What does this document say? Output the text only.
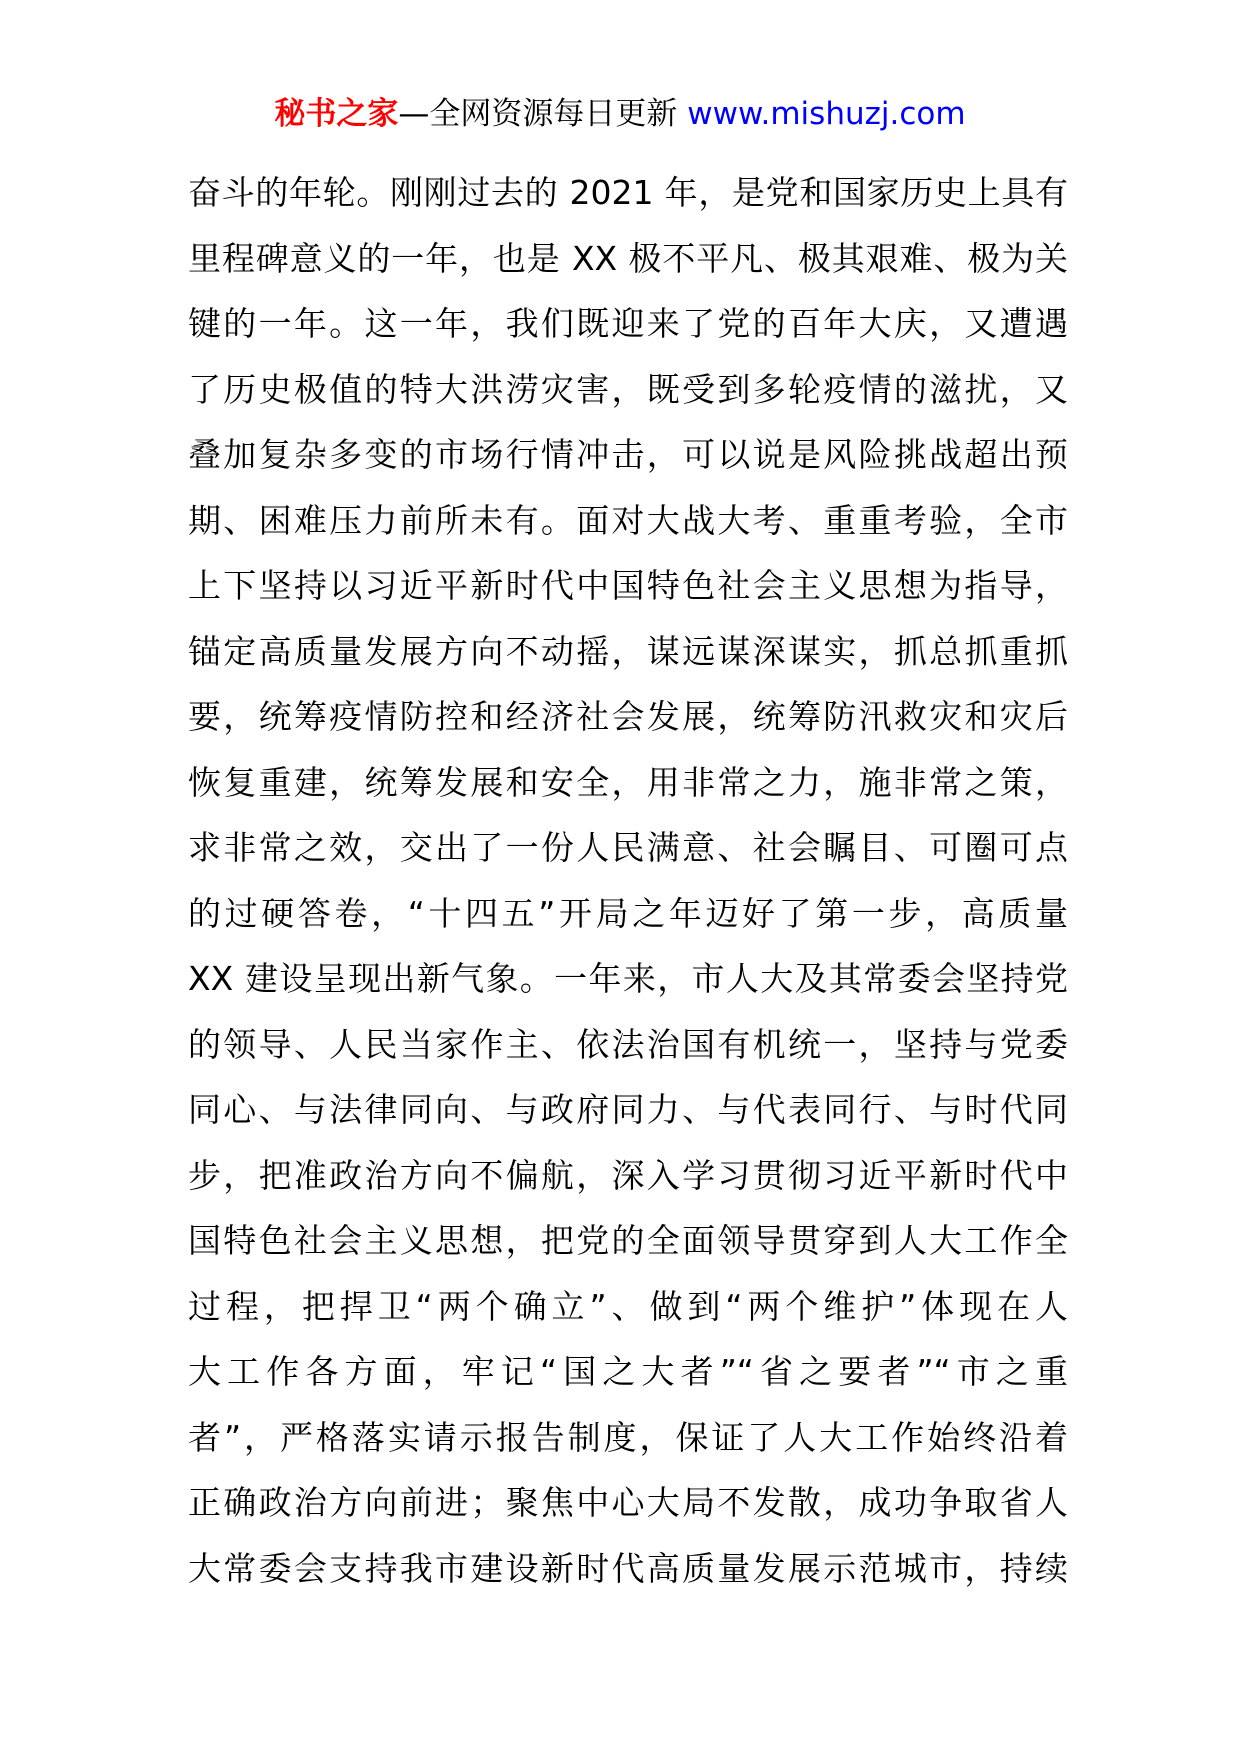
秘书之家—全网资源每日更新 www.mishuzj.com
奋斗的年轮。刚刚过去的 2021 年，是党和国家历史上具有
里程碑意义的一年，也是 XX 极不平凡、极其艰难、极为关
键的一年。这一年，我们既迎来了党的百年大庆，又遭遇
了历史极值的特大洪涝灾害，既受到多轮疫情的滋扰，又
叠加复杂多变的市场行情冲击，可以说是风险挑战超出预
期、困难压力前所未有。面对大战大考、重重考验，全市
上下坚持以习近平新时代中国特色社会主义思想为指导，
锚定高质量发展方向不动摇，谋远谋深谋实，抓总抓重抓
要，统筹疫情防控和经济社会发展，统筹防汛救灾和灾后
恢复重建，统筹发展和安全，用非常之力，施非常之策，
求非常之效，交出了一份人民满意、社会瞩目、可圈可点
的过硬答卷，“十四五”开局之年迈好了第一步，高质量
XX 建设呈现出新气象。一年来，市人大及其常委会坚持党
的领导、人民当家作主、依法治国有机统一，坚持与党委
同心、与法律同向、与政府同力、与代表同行、与时代同
步，把准政治方向不偏航，深入学习贯彻习近平新时代中
国特色社会主义思想，把党的全面领导贯穿到人大工作全
过程，把捍卫“两个确立”、做到“两个维护”体现在人
大工作各方面，牢记“国之大者”“省之要者”“市之重
者”，严格落实请示报告制度，保证了人大工作始终沿着
正确政治方向前进；聚焦中心大局不发散，成功争取省人
大常委会支持我市建设新时代高质量发展示范城市，持续
